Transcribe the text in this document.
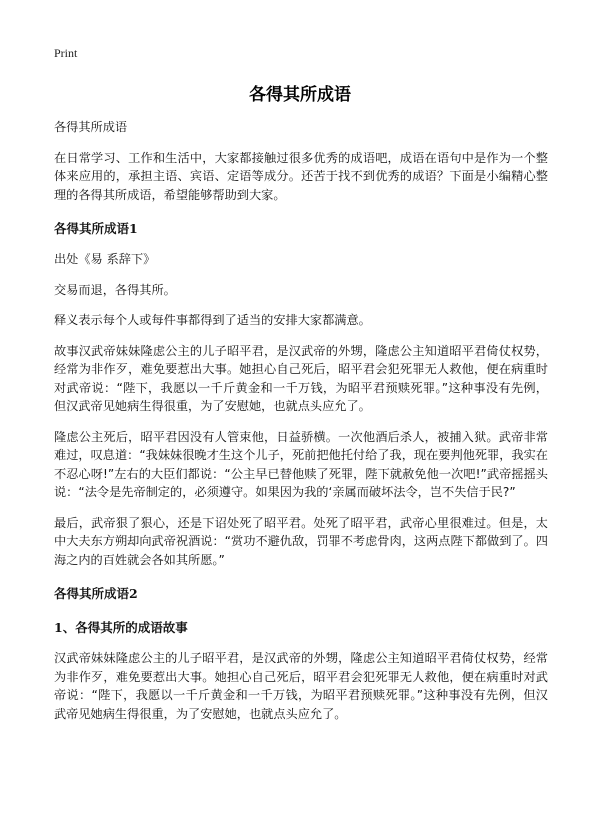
Print
各得其所成语

各得其所成语

在日常学习、工作和生活中，大家都接触过很多优秀的成语吧，成语在语句中是作为一个整体来应用的，承担主语、宾语、定语等成分。还苦于找不到优秀的成语？下面是小编精心整理的各得其所成语，希望能够帮助到大家。

各得其所成语1

出处《易 系辞下》

交易而退，各得其所。

释义表示每个人或每件事都得到了适当的安排大家都满意。

故事汉武帝妹妹隆虑公主的儿子昭平君，是汉武帝的外甥，隆虑公主知道昭平君倚仗权势，经常为非作歹，难免要惹出大事。她担心自己死后，昭平君会犯死罪无人救他，便在病重时对武帝说：“陛下，我愿以一千斤黄金和一千万钱，为昭平君预赎死罪。”这种事没有先例，但汉武帝见她病生得很重，为了安慰她，也就点头应允了。

隆虑公主死后，昭平君因没有人管束他，日益骄横。一次他酒后杀人，被捕入狱。武帝非常难过，叹息道：“我妹妹很晚才生这个儿子，死前把他托付给了我，现在要判他死罪，我实在不忍心呀!”左右的大臣们都说：“公主早已替他赎了死罪，陛下就赦免他一次吧!”武帝摇摇头说：“法令是先帝制定的，必须遵守。如果因为我的‘亲属而破坏法令，岂不失信于民?”

最后，武帝狠了狠心，还是下诏处死了昭平君。处死了昭平君，武帝心里很难过。但是，太中大夫东方朔却向武帝祝酒说：“赏功不避仇敌，罚罪不考虑骨肉，这两点陛下都做到了。四海之内的百姓就会各如其所愿。”

各得其所成语2
1、各得其所的成语故事

汉武帝妹妹隆虑公主的儿子昭平君，是汉武帝的外甥，隆虑公主知道昭平君倚仗权势，经常为非作歹，难免要惹出大事。她担心自己死后，昭平君会犯死罪无人救他，便在病重时对武帝说：“陛下，我愿以一千斤黄金和一千万钱，为昭平君预赎死罪。”这种事没有先例，但汉武帝见她病生得很重，为了安慰她，也就点头应允了。
